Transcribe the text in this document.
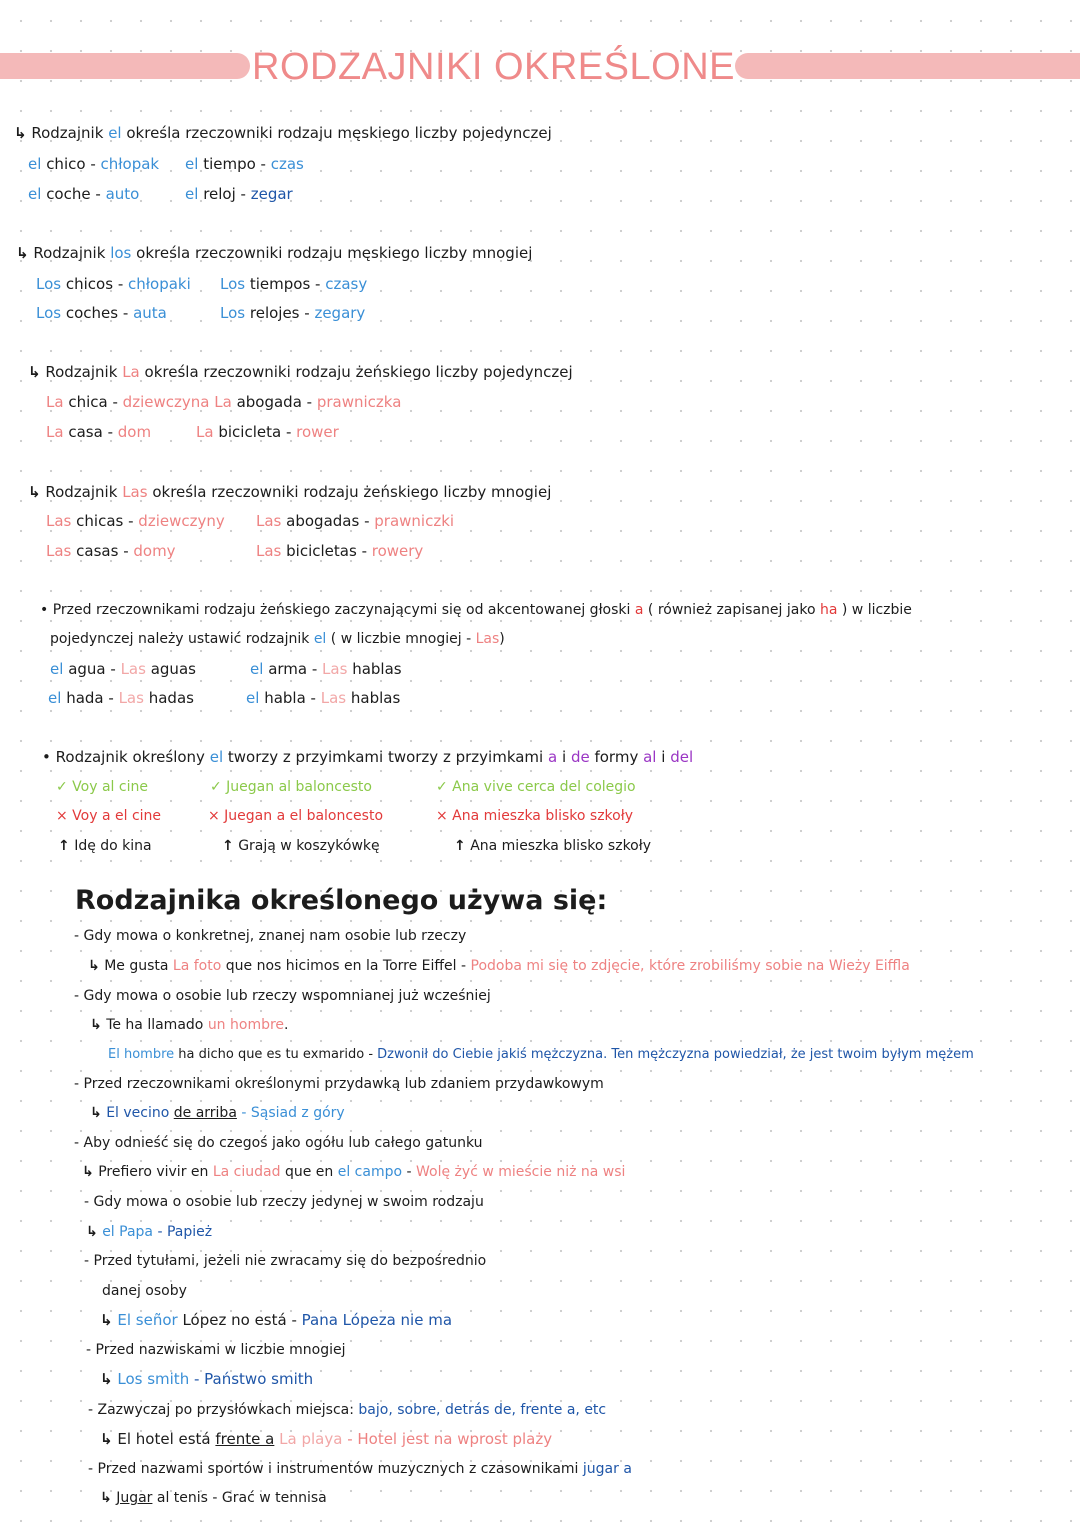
RODZAJNIKI OKREŚLONE
↳ Rodzajnik el określa rzeczowniki rodzaju męskiego liczby pojedynczej
el chico - chłopak el tiempo - czas
el coche - auto	el reloj - zegar
↳ Rodzajnik los określa rzeczowniki rodzaju męskiego liczby mnogiej
Los chicos - chłopaki Los tiempos - czasy
Los coches - auta	Los relojes - zegary
↳ Rodzajnik La określa rzeczowniki rodzaju żeńskiego liczby pojedynczej
La chica - dziewczyna La abogada - prawniczka
La casa - dom	La bicicleta - rower
↳ Rodzajnik Las określa rzeczowniki rodzaju żeńskiego liczby mnogiej
Las chicas - dziewczyny Las abogadas - prawniczki
Las casas - domy	Las bicicletas - rowery
• Przed rzeczownikami rodzaju żeńskiego zaczynającymi się od akcentowanej głoski a ( również zapisanej jako ha ) w liczbie
pojedynczej należy ustawić rodzajnik el ( w liczbie mnogiej - Las)
el agua - Las aguas	el arma - Las hablas
el hada - Las hadas	el habla - Las hablas
• Rodzajnik określony el tworzy z przyimkami tworzy z przyimkami a i de formy al i del
✓ Voy al cine	✓ Juegan al baloncesto	✓ Ana vive cerca del colegio
× Voy a el cine	× Juegan a el baloncesto	× Ana mieszka blisko szkoły
↑ Idę do kina	↑ Grają w koszykówkę	↑ Ana mieszka blisko szkoły
Rodzajnika określonego używa się:
- Gdy mowa o konkretnej, znanej nam osobie lub rzeczy
↳ Me gusta La foto que nos hicimos en la Torre Eiffel - Podoba mi się to zdjęcie, które zrobiliśmy sobie na Wieży Eiffla
- Gdy mowa o osobie lub rzeczy wspomnianej już wcześniej
↳ Te ha llamado un hombre.
El hombre ha dicho que es tu exmarido - Dzwonił do Ciebie jakiś mężczyzna. Ten mężczyzna powiedział, że jest twoim byłym mężem
- Przed rzeczownikami określonymi przydawką lub zdaniem przydawkowym
↳ El vecino de arriba - Sąsiad z góry
- Aby odnieść się do czegoś jako ogółu lub całego gatunku
↳ Prefiero vivir en La ciudad que en el campo - Wolę żyć w mieście niż na wsi
- Gdy mowa o osobie lub rzeczy jedynej w swoim rodzaju
↳ el Papa - Papież
- Przed tytułami, jeżeli nie zwracamy się do bezpośrednio
danej osoby
↳ El señor López no está - Pana Lópeza nie ma
- Przed nazwiskami w liczbie mnogiej
↳ Los smith - Państwo smith
- Zazwyczaj po przysłówkach miejsca: bajo, sobre, detrás de, frente a, etc
↳ El hotel está frente a La playa - Hotel jest na wprost plaży
- Przed nazwami sportów i instrumentów muzycznych z czasownikami jugar a
↳ Jugar al tenis - Grać w tennisa
